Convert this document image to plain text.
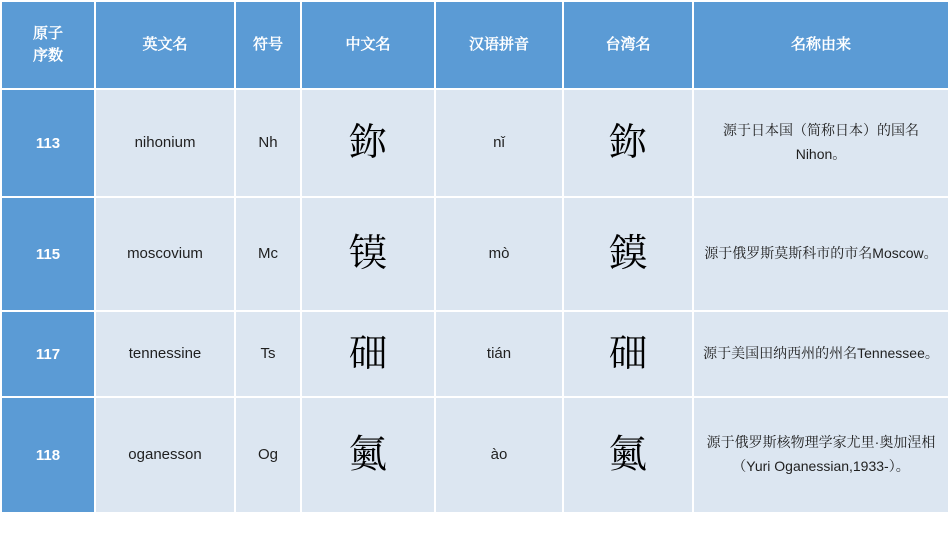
原子
序数	英文名	符号	中文名	汉语拼音	台湾名	名称由来
113	nihonium	Nh	鉨	nǐ	鉨	源于日本国（简称日本）的国名Nihon。
115	moscovium	Mc	镆	mò	鏌	源于俄罗斯莫斯科市的市名Moscow。
117	tennessine	Ts	鿬	tián	鿬	源于美国田纳西州的州名Tennessee。
118	oganesson	Og	鿫	ào	鿫	源于俄罗斯核物理学家尤里·奥加涅相（Yuri Oganessian,1933-）。
